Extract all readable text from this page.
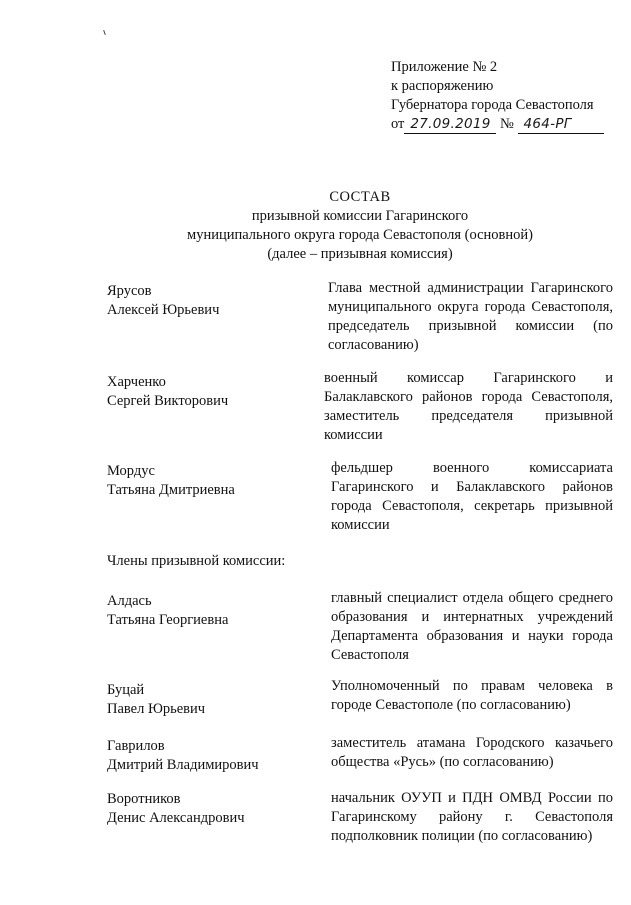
Приложение № 2
к распоряжению
Губернатора города Севастополя
от 27.09.2019 № 464-РГ
СОСТАВ
призывной комиссии Гагаринского
муниципального округа города Севастополя (основной)
(далее – призывная комиссия)
Ярусов
Алексей Юрьевич
Глава местной администрации Гагаринского муниципального округа города Севастополя, председатель призывной комиссии (по согласованию)
Харченко
Сергей Викторович
военный комиссар Гагаринского и Балаклавского районов города Севастополя, заместитель председателя призывной комиссии
Мордус
Татьяна Дмитриевна
фельдшер военного комиссариата Гагаринского и Балаклавского районов города Севастополя, секретарь призывной комиссии
Члены призывной комиссии:
Алдась
Татьяна Георгиевна
главный специалист отдела общего среднего образования и интернатных учреждений Департамента образования и науки города Севастополя
Буцай
Павел Юрьевич
Уполномоченный по правам человека в городе Севастополе (по согласованию)
Гаврилов
Дмитрий Владимирович
заместитель атамана Городского казачьего общества «Русь» (по согласованию)
Воротников
Денис Александрович
начальник ОУУП и ПДН ОМВД России по Гагаринскому району г. Севастополя подполковник полиции (по согласованию)
